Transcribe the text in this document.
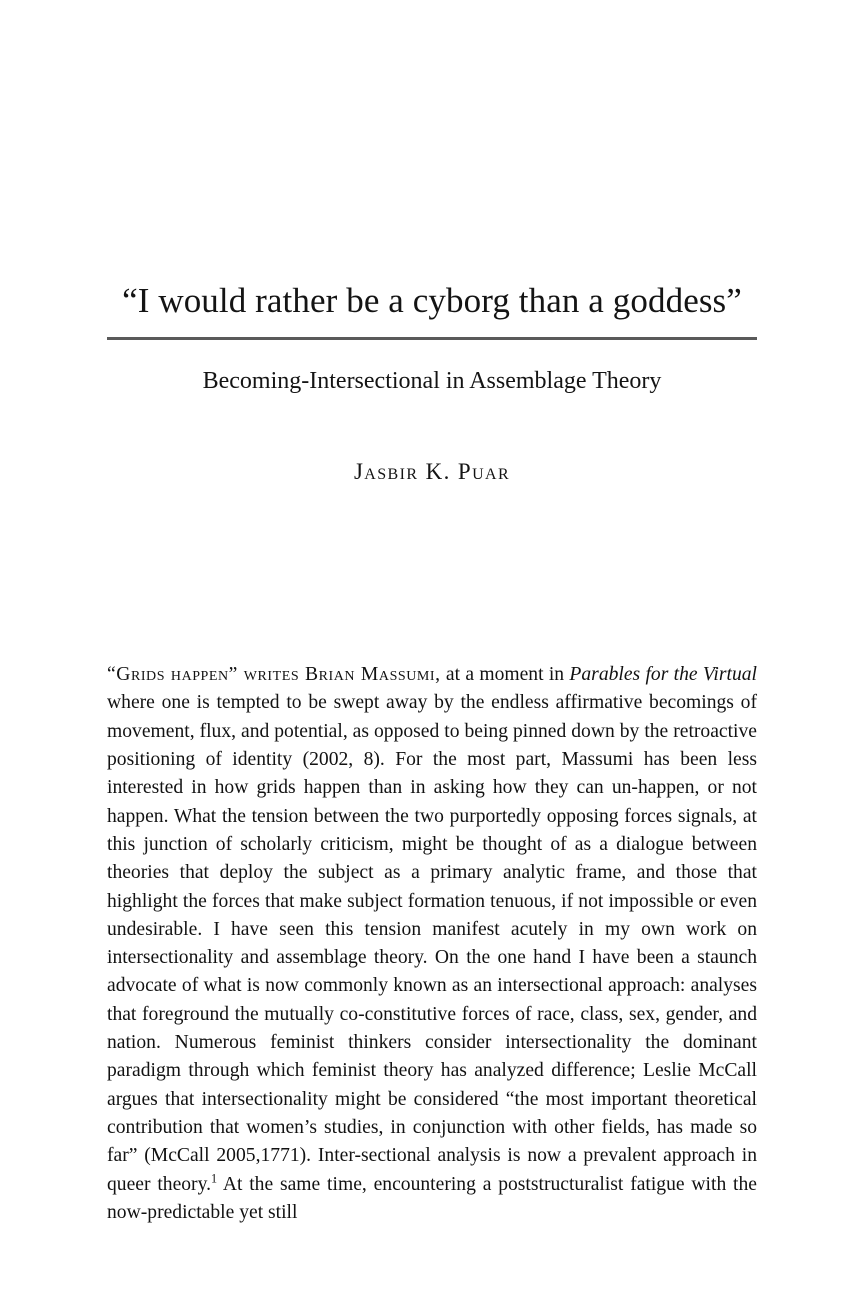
“I would rather be a cyborg than a goddess”
Becoming-Intersectional in Assemblage Theory

Jasbir K. Puar

“Grids happen” writes Brian Massumi, at a moment in Parables for the Virtual where one is tempted to be swept away by the endless affirmative becomings of movement, flux, and potential, as opposed to being pinned down by the retroactive positioning of identity (2002, 8). For the most part, Massumi has been less interested in how grids happen than in asking how they can un-happen, or not happen. What the tension between the two purportedly opposing forces signals, at this junction of scholarly criticism, might be thought of as a dialogue between theories that deploy the subject as a primary analytic frame, and those that highlight the forces that make subject formation tenuous, if not impossible or even undesirable. I have seen this tension manifest acutely in my own work on intersectionality and assemblage theory. On the one hand I have been a staunch advocate of what is now commonly known as an intersectional approach: analyses that foreground the mutually co-constitutive forces of race, class, sex, gender, and nation. Numerous feminist thinkers consider intersectionality the dominant paradigm through which feminist theory has analyzed difference; Leslie McCall argues that intersectionality might be considered “the most important theoretical contribution that women’s studies, in conjunction with other fields, has made so far” (McCall 2005,1771). Inter-sectional analysis is now a prevalent approach in queer theory.$^1$ At the same time, encountering a poststructuralist fatigue with the now-predictable yet still
